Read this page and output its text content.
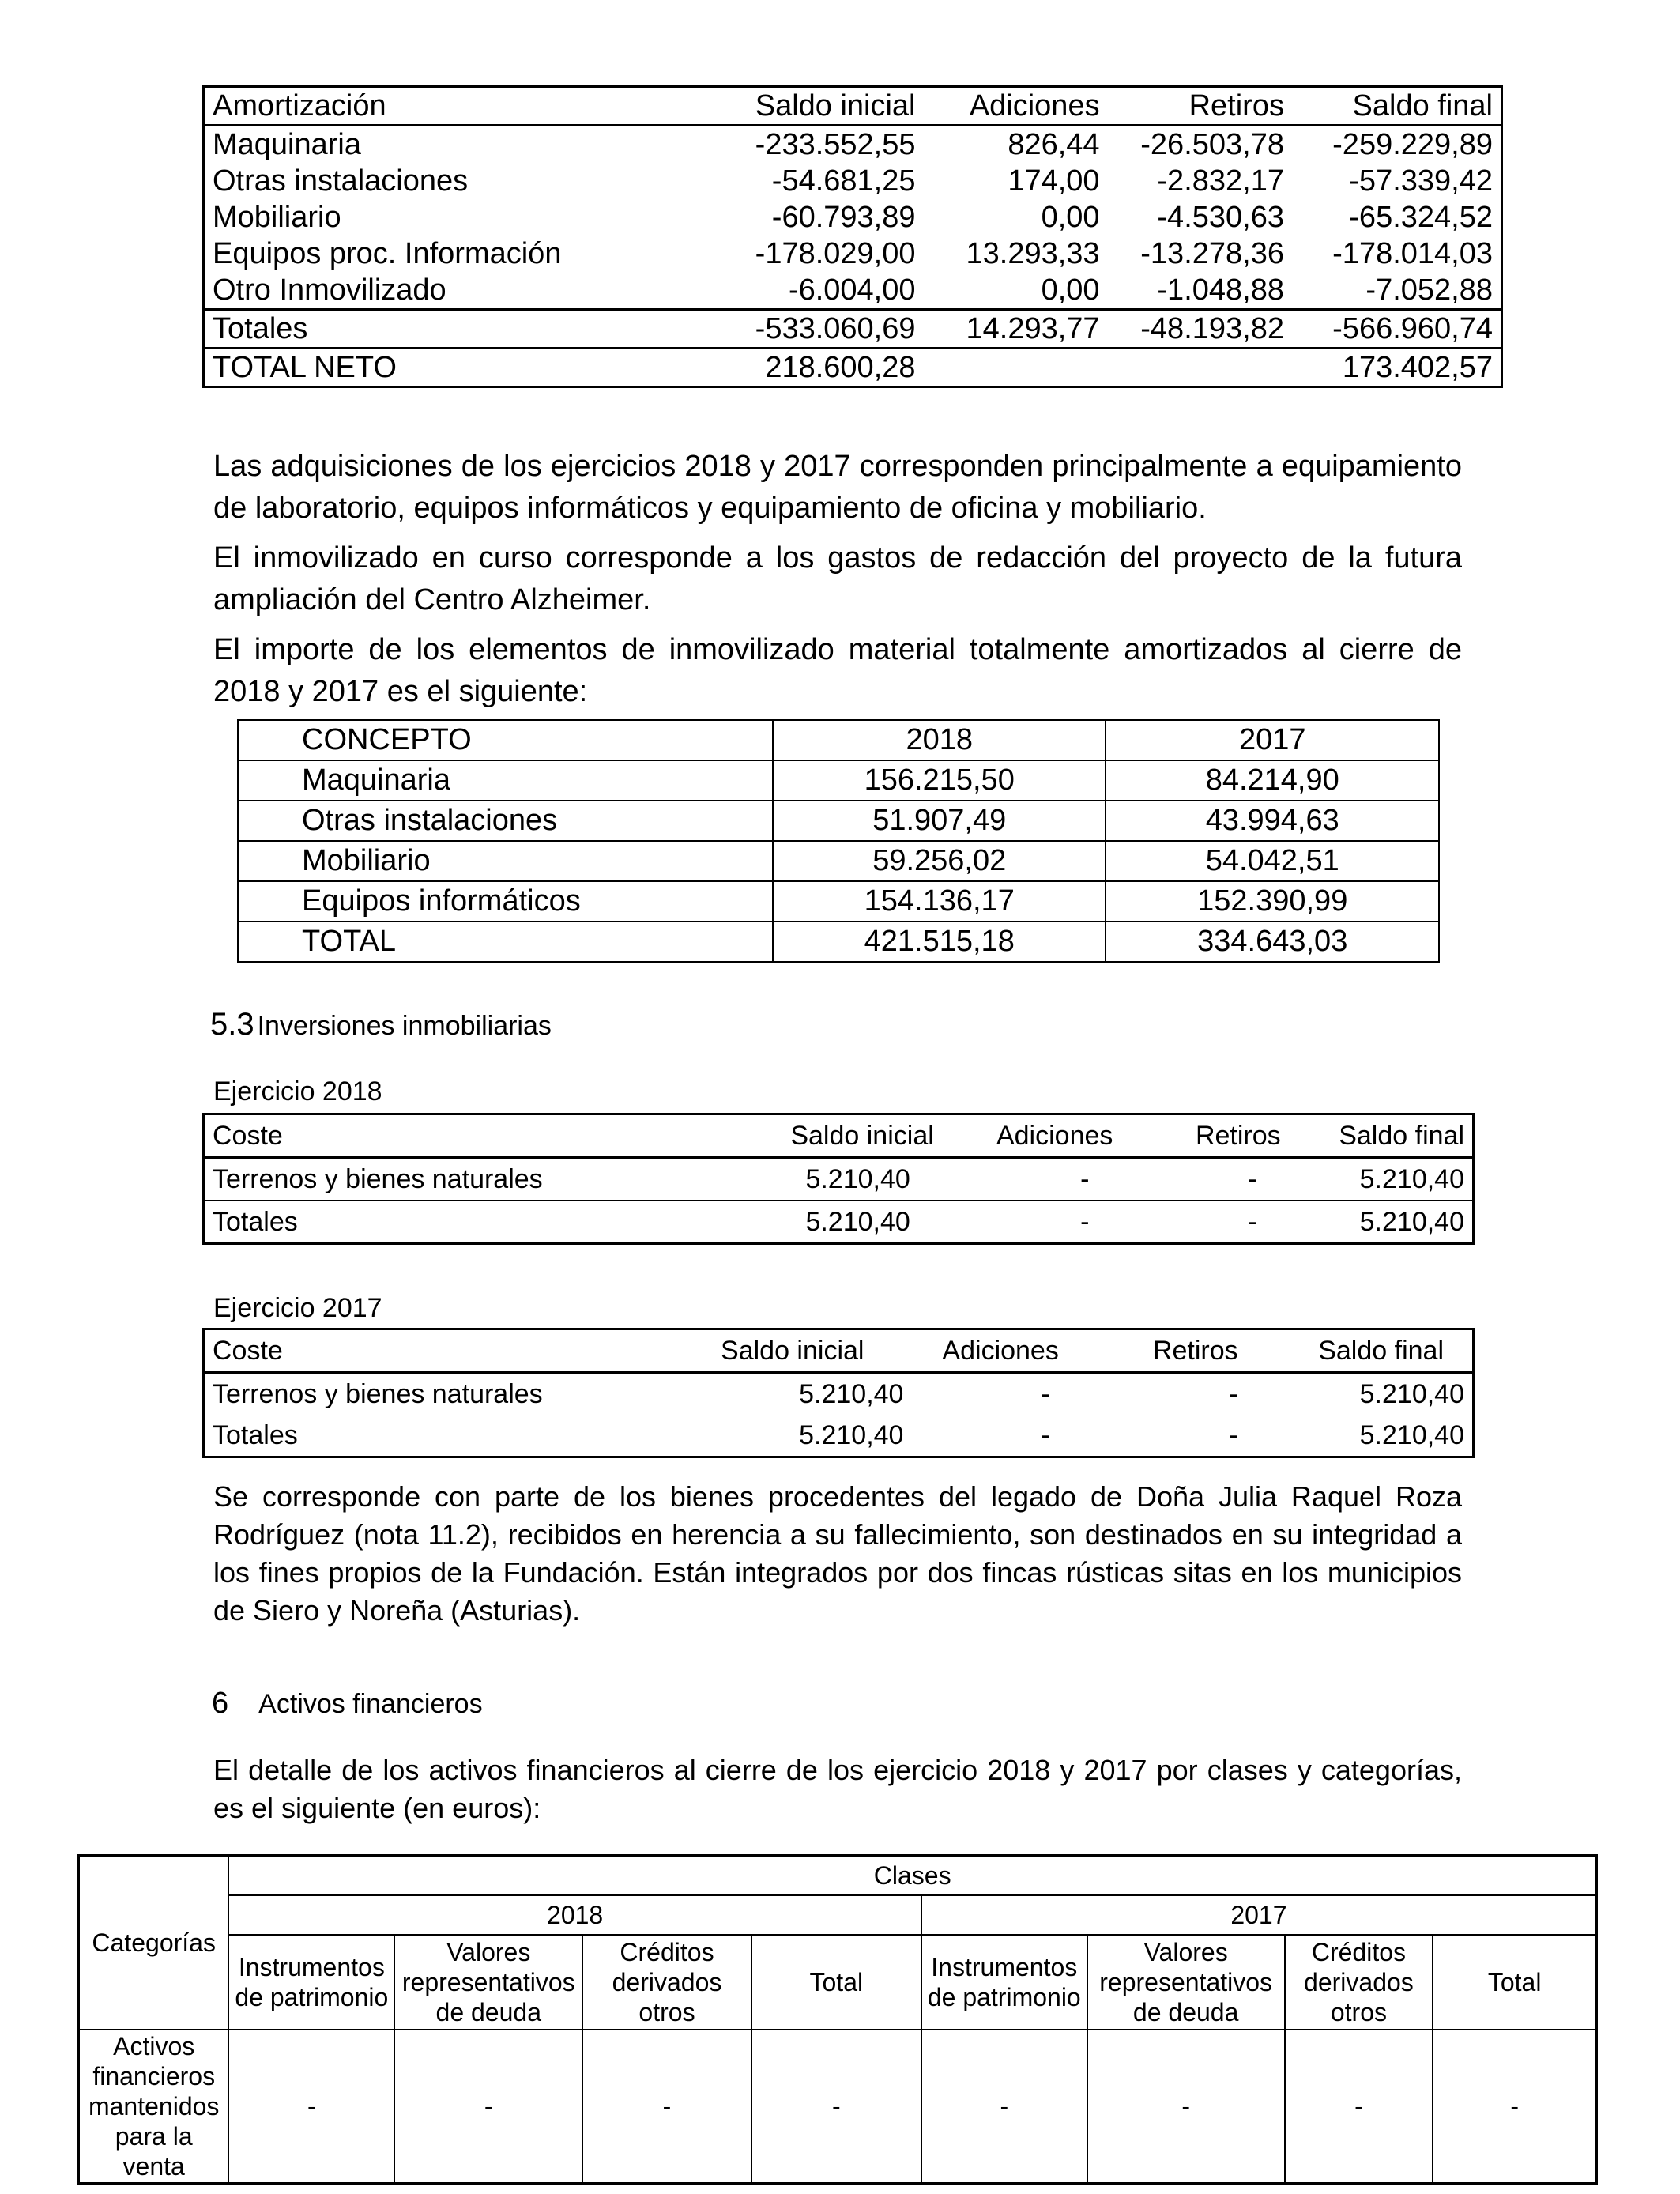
Amortización	Saldo inicial	Adiciones	Retiros	Saldo final
Maquinaria	-233.552,55	826,44	-26.503,78	-259.229,89
Otras instalaciones	-54.681,25	174,00	-2.832,17	-57.339,42
Mobiliario	-60.793,89	0,00	-4.530,63	-65.324,52
Equipos proc. Información	-178.029,00	13.293,33	-13.278,36	-178.014,03
Otro Inmovilizado	-6.004,00	0,00	-1.048,88	-7.052,88
Totales	-533.060,69	14.293,77	-48.193,82	-566.960,74
TOTAL NETO	218.600,28			173.402,57
Las adquisiciones de los ejercicios 2018 y 2017 corresponden principalmente a equipamiento de laboratorio, equipos informáticos y equipamiento de oficina y mobiliario.
El inmovilizado en curso corresponde a los gastos de redacción del proyecto de la futura ampliación del Centro Alzheimer.
El importe de los elementos de inmovilizado material totalmente amortizados al cierre de 2018 y 2017 es el siguiente:
CONCEPTO	2018	2017
Maquinaria	156.215,50	84.214,90
Otras instalaciones	51.907,49	43.994,63
Mobiliario	59.256,02	54.042,51
Equipos informáticos	154.136,17	152.390,99
TOTAL	421.515,18	334.643,03
5.3 Inversiones inmobiliarias
Ejercicio 2018
Coste	Saldo inicial	Adiciones	Retiros	Saldo final
Terrenos y bienes naturales	5.210,40	-	-	5.210,40
Totales	5.210,40	-	-	5.210,40
Ejercicio 2017
Coste	Saldo inicial	Adiciones	Retiros	Saldo final
Terrenos y bienes naturales	5.210,40	-	-	5.210,40
Totales	5.210,40	-	-	5.210,40
Se corresponde con parte de los bienes procedentes del legado de Doña Julia Raquel Roza Rodríguez (nota 11.2), recibidos en herencia a su fallecimiento, son destinados en su integridad a los fines propios de la Fundación. Están integrados por dos fincas rústicas sitas en los municipios de Siero y Noreña (Asturias).
6 Activos financieros
El detalle de los activos financieros al cierre de los ejercicio 2018 y 2017 por clases y categorías, es el siguiente (en euros):
Categorías	Clases							
	2018				2017			
	Instrumentos de patrimonio	Valores representativos de deuda	Créditos derivados otros	Total	Instrumentos de patrimonio	Valores representativos de deuda	Créditos derivados otros	Total
Activos financieros mantenidos para la venta	-	-	-	-	-	-	-	-
